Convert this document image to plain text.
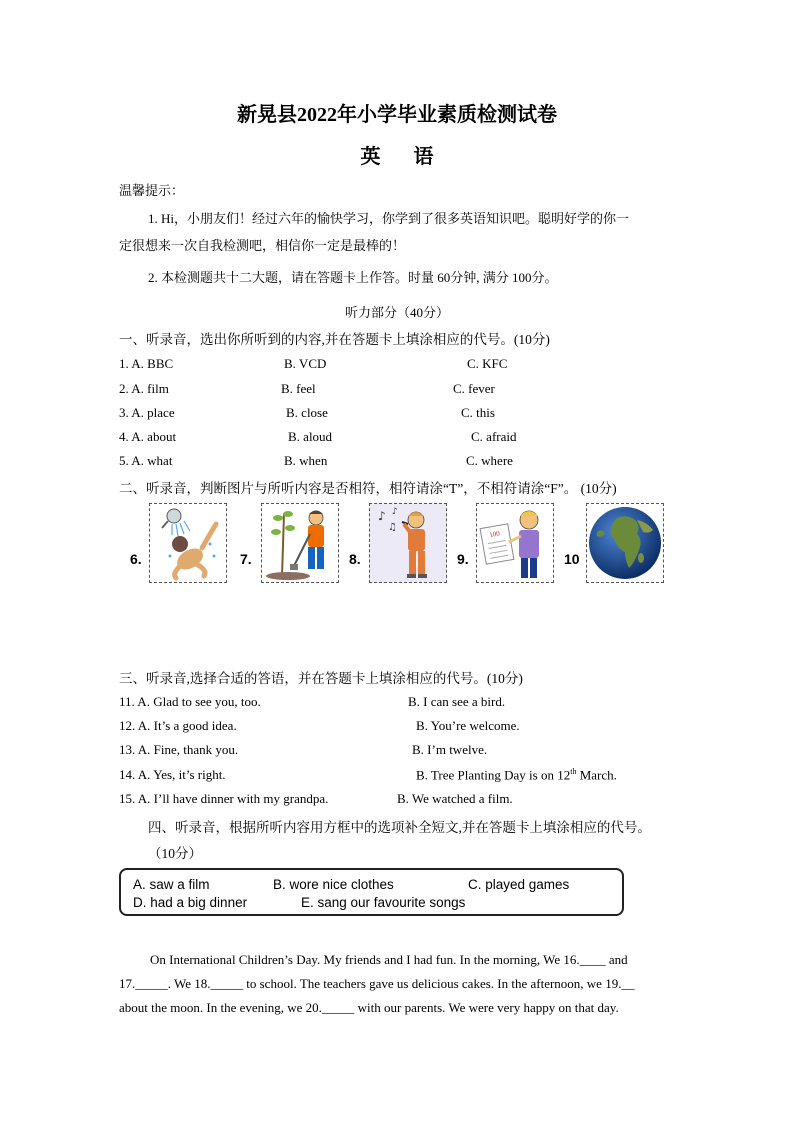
新晃县2022年小学毕业素质检测试卷
英 语
温馨提示：
1. Hi，小朋友们！经过六年的愉快学习，你学到了很多英语知识吧。聪明好学的你一
定很想来一次自我检测吧，相信你一定是最棒的！
2. 本检测题共十二大题，请在答题卡上作答。时量 60分钟, 满分 100分。
听力部分（40分）
一、听录音，选出你所听到的内容,并在答题卡上填涂相应的代号。(10分)
1. A. BBC	B. VCD	C. KFC
2. A. film	B. feel	C. fever
3. A. place	B. close	C. this
4. A. about	B. aloud	C. afraid
5. A. what	B. when	C. where
二、听录音，判断图片与所听内容是否相符，相符请涂“T”，不相符请涂“F”。 (10分)
6.	7.	8.
♪
♫
♪
9.
100
10
三、听录音,选择合适的答语，并在答题卡上填涂相应的代号。(10分)
11. A. Glad to see you, too.	B. I can see a bird.
12. A. It’s a good idea.	B. You’re welcome.
13. A. Fine, thank you.	B. I’m twelve.
14. A. Yes, it’s right.	B. Tree Planting Day is on 12th March.
15. A. I’ll have dinner with my grandpa.	B. We watched a film.
四、听录音，根据所听内容用方框中的选项补全短文,并在答题卡上填涂相应的代号。
（10分）
A. saw a film	B. wore nice clothes	C. played games
D. had a big dinner	E. sang our favourite songs
On International Children’s Day. My friends and I had fun. In the morning, We 16.____ and
17._____. We 18._____ to school. The teachers gave us delicious cakes. In the afternoon, we 19.__
about the moon. In the evening, we 20._____ with our parents. We were very happy on that day.
